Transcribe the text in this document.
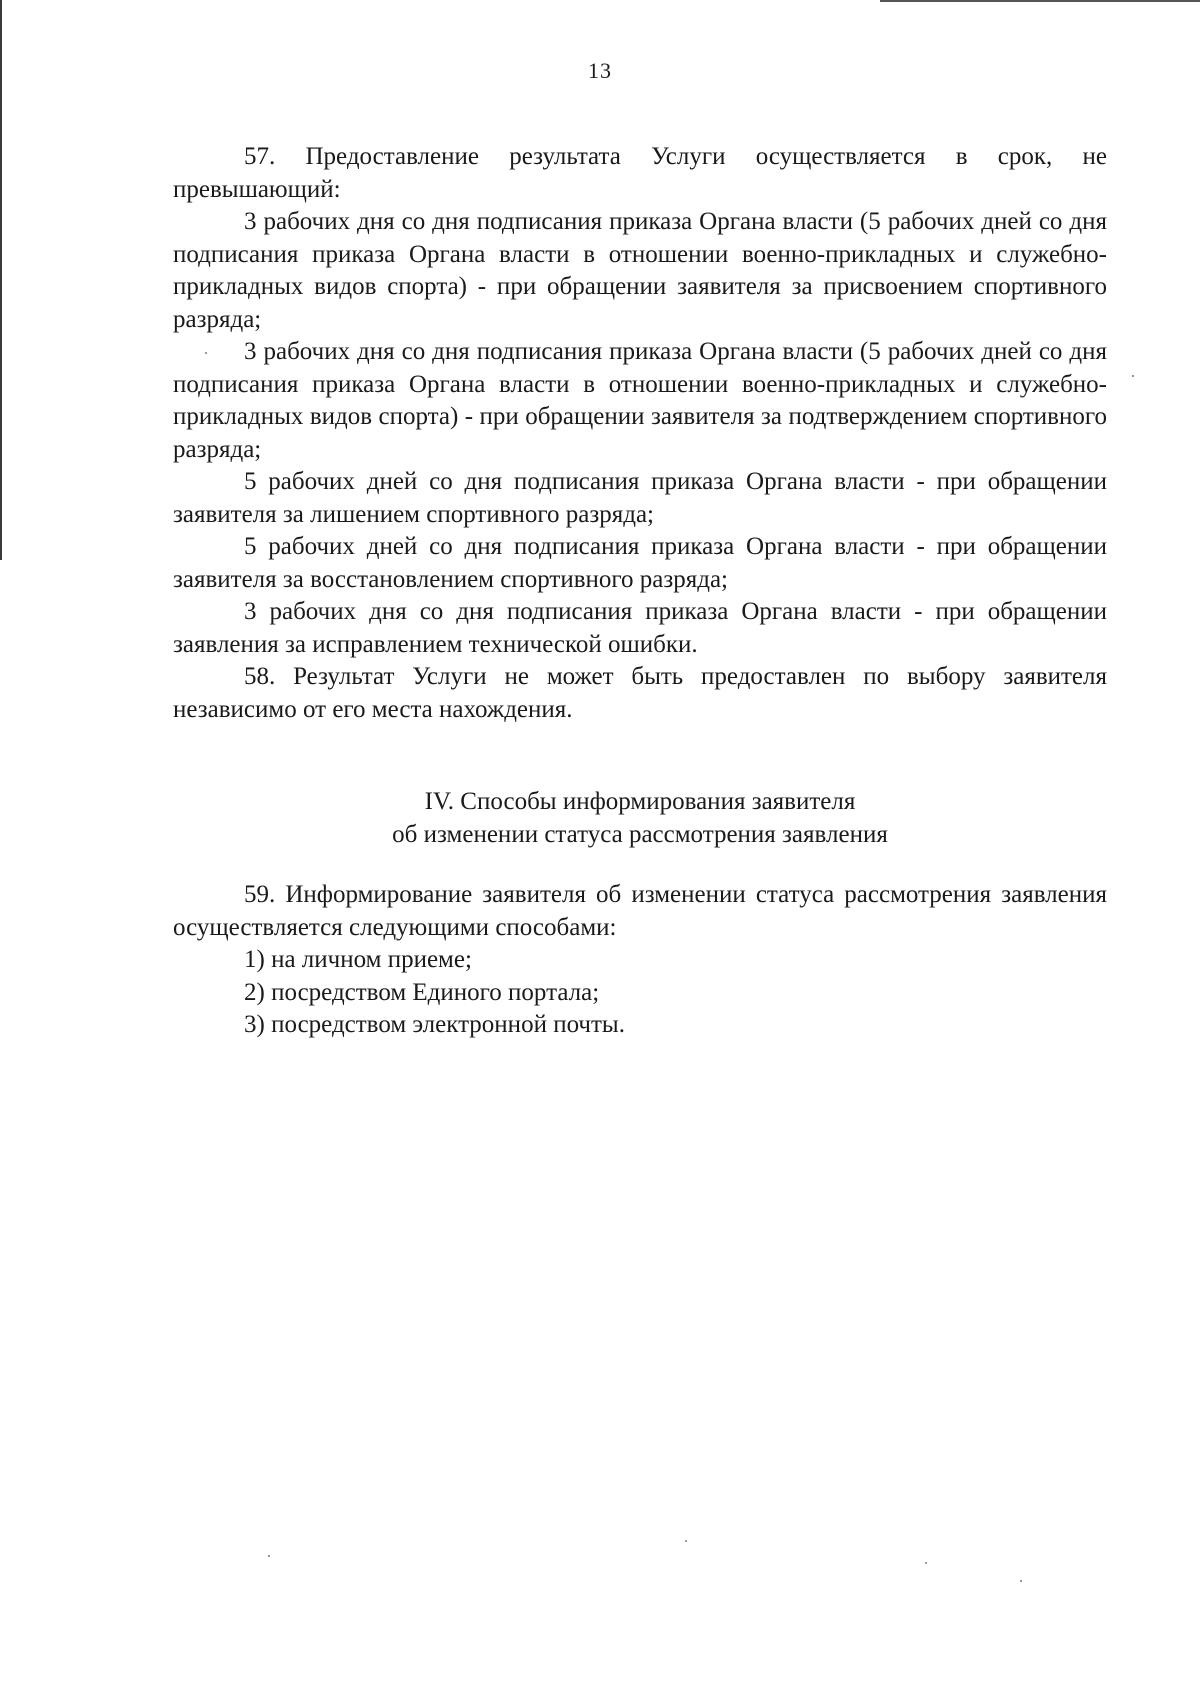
13

57. Предоставление результата Услуги осуществляется в срок, не превышающий:

3 рабочих дня со дня подписания приказа Органа власти (5 рабочих дней со дня подписания приказа Органа власти в отношении военно-прикладных и служебно-прикладных видов спорта) - при обращении заявителя за присвоением спортивного разряда;

3 рабочих дня со дня подписания приказа Органа власти (5 рабочих дней со дня подписания приказа Органа власти в отношении военно-прикладных и служебно-прикладных видов спорта) - при обращении заявителя за подтверждением спортивного разряда;

5 рабочих дней со дня подписания приказа Органа власти - при обращении заявителя за лишением спортивного разряда;

5 рабочих дней со дня подписания приказа Органа власти - при обращении заявителя за восстановлением спортивного разряда;

3 рабочих дня со дня подписания приказа Органа власти - при обращении заявления за исправлением технической ошибки.

58. Результат Услуги не может быть предоставлен по выбору заявителя независимо от его места нахождения.

IV. Способы информирования заявителя
об изменении статуса рассмотрения заявления

59. Информирование заявителя об изменении статуса рассмотрения заявления осуществляется следующими способами:

1) на личном приеме;

2) посредством Единого портала;

3) посредством электронной почты.
